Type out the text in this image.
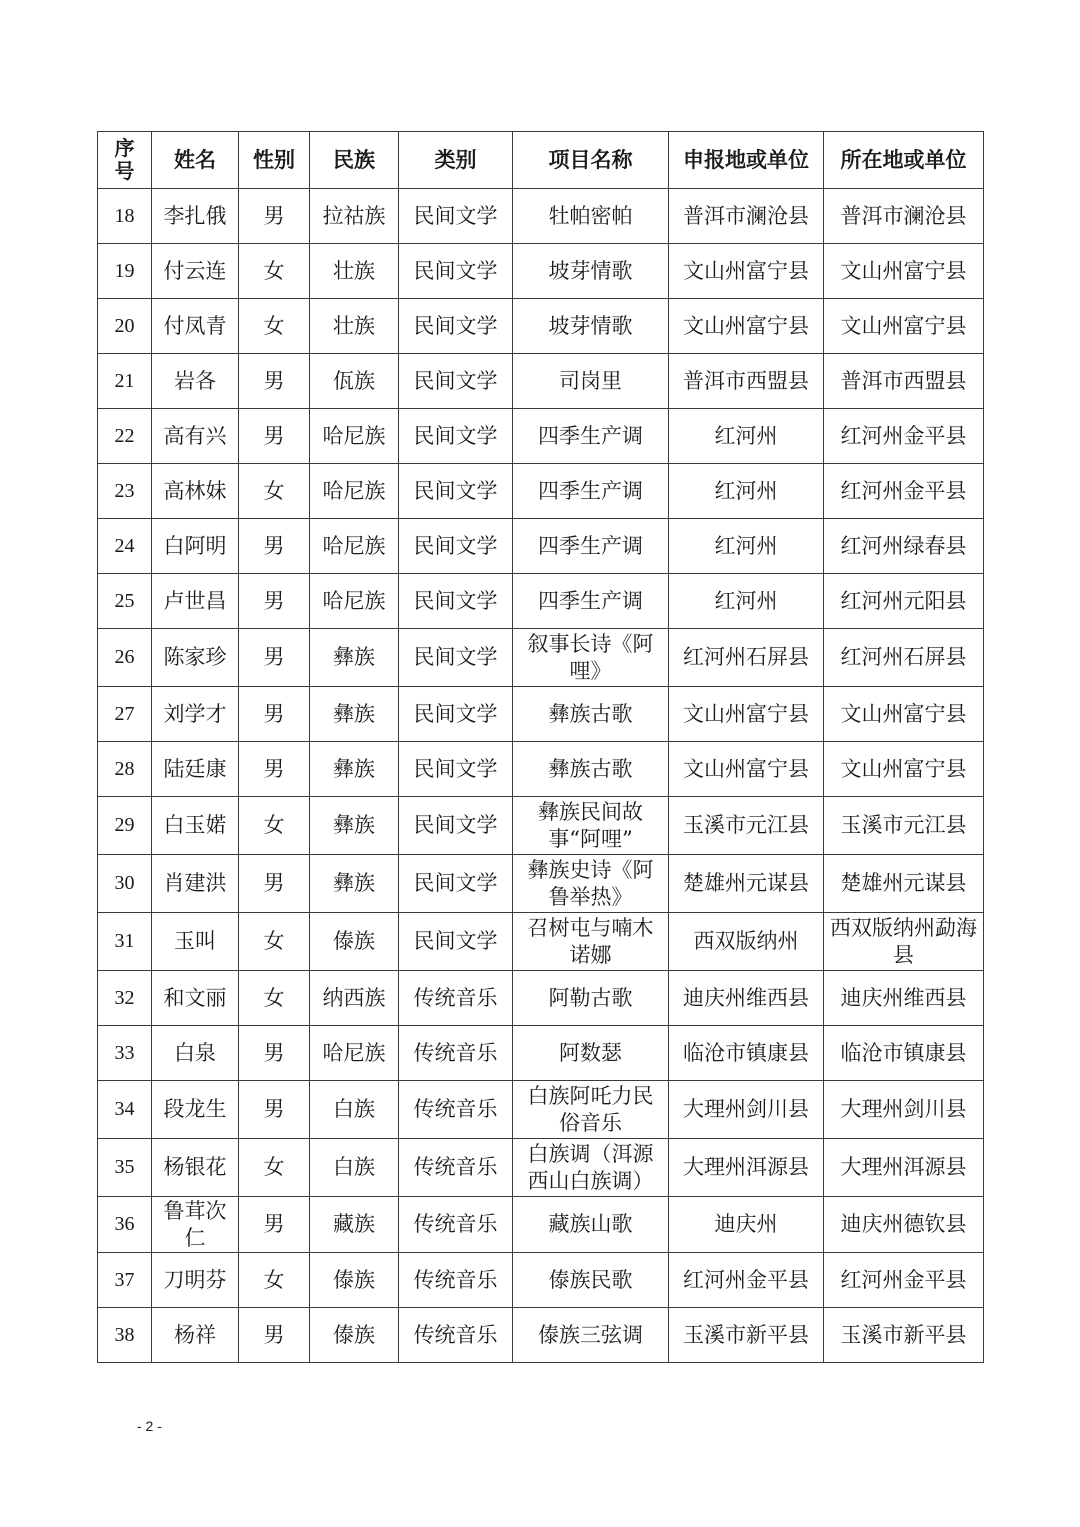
序号	姓名	性别	民族	类别	项目名称	申报地或单位	所在地或单位
18	李扎俄	男	拉祜族	民间文学	牡帕密帕	普洱市澜沧县	普洱市澜沧县
19	付云连	女	壮族	民间文学	坡芽情歌	文山州富宁县	文山州富宁县
20	付凤青	女	壮族	民间文学	坡芽情歌	文山州富宁县	文山州富宁县
21	岩各	男	佤族	民间文学	司岗里	普洱市西盟县	普洱市西盟县
22	高有兴	男	哈尼族	民间文学	四季生产调	红河州	红河州金平县
23	高林妹	女	哈尼族	民间文学	四季生产调	红河州	红河州金平县
24	白阿明	男	哈尼族	民间文学	四季生产调	红河州	红河州绿春县
25	卢世昌	男	哈尼族	民间文学	四季生产调	红河州	红河州元阳县
26	陈家珍	男	彝族	民间文学	叙事长诗《阿哩》	红河州石屏县	红河州石屏县
27	刘学才	男	彝族	民间文学	彝族古歌	文山州富宁县	文山州富宁县
28	陆廷康	男	彝族	民间文学	彝族古歌	文山州富宁县	文山州富宁县
29	白玉婼	女	彝族	民间文学	彝族民间故事“阿哩”	玉溪市元江县	玉溪市元江县
30	肖建洪	男	彝族	民间文学	彝族史诗《阿鲁举热》	楚雄州元谋县	楚雄州元谋县
31	玉叫	女	傣族	民间文学	召树屯与喃木诺娜	西双版纳州	西双版纳州勐海县
32	和文丽	女	纳西族	传统音乐	阿勒古歌	迪庆州维西县	迪庆州维西县
33	白泉	男	哈尼族	传统音乐	阿数瑟	临沧市镇康县	临沧市镇康县
34	段龙生	男	白族	传统音乐	白族阿吒力民俗音乐	大理州剑川县	大理州剑川县
35	杨银花	女	白族	传统音乐	白族调（洱源西山白族调）	大理州洱源县	大理州洱源县
36	鲁茸次仁	男	藏族	传统音乐	藏族山歌	迪庆州	迪庆州德钦县
37	刀明芬	女	傣族	传统音乐	傣族民歌	红河州金平县	红河州金平县
38	杨祥	男	傣族	传统音乐	傣族三弦调	玉溪市新平县	玉溪市新平县
- 2 -
